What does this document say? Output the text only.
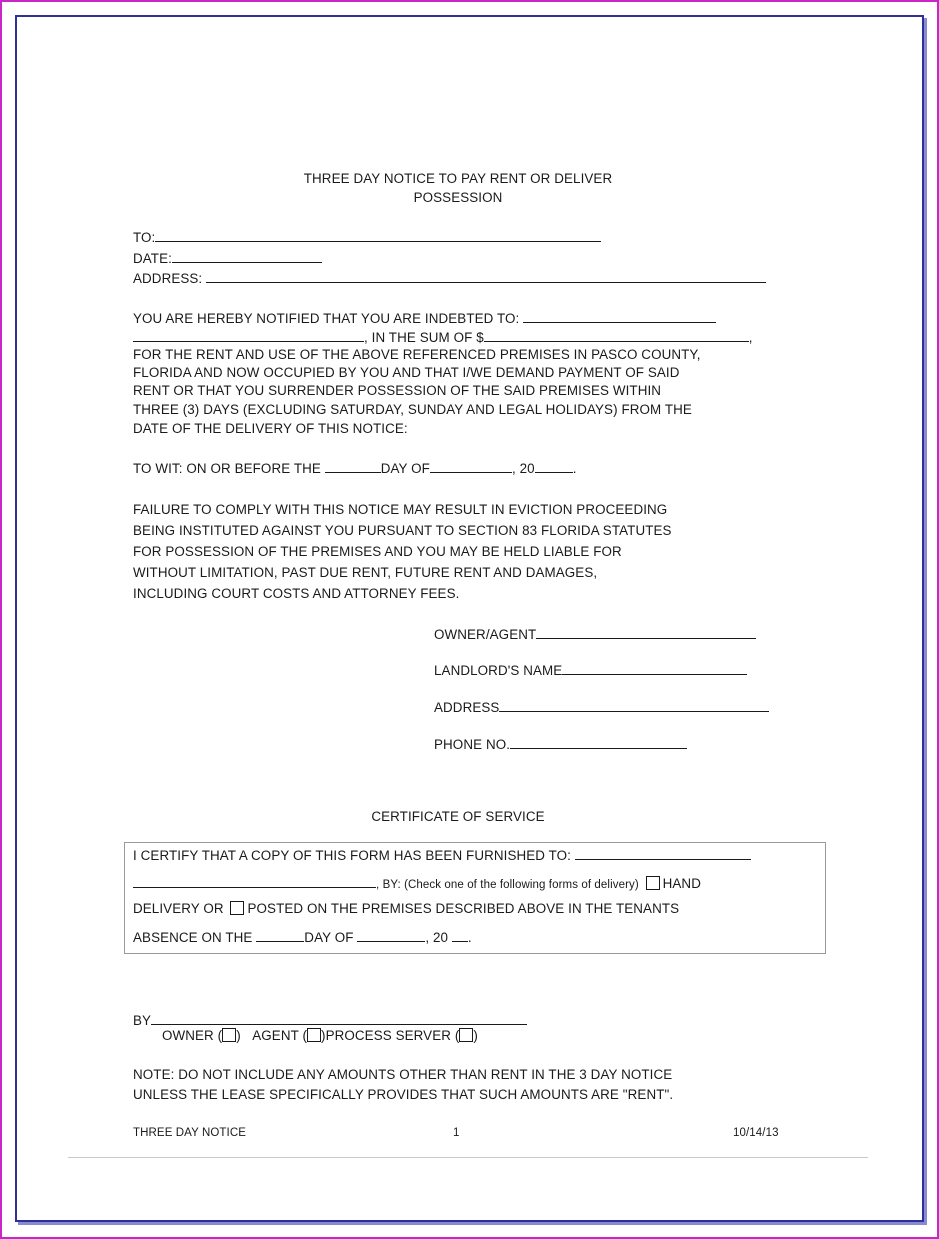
THREE DAY NOTICE TO PAY RENT OR DELIVER
POSSESSION
TO:
DATE:
ADDRESS:
YOU ARE HEREBY NOTIFIED THAT YOU ARE INDEBTED TO:
, IN THE SUM OF $	,
FOR THE RENT AND USE OF THE ABOVE REFERENCED PREMISES IN PASCO COUNTY,
FLORIDA AND NOW OCCUPIED BY YOU AND THAT I/WE DEMAND PAYMENT OF SAID
RENT OR THAT YOU SURRENDER POSSESSION OF THE SAID PREMISES WITHIN
THREE (3) DAYS (EXCLUDING SATURDAY, SUNDAY AND LEGAL HOLIDAYS) FROM THE
DATE OF THE DELIVERY OF THIS NOTICE:
TO WIT: ON OR BEFORE THE	DAY OF	, 20	.
FAILURE TO COMPLY WITH THIS NOTICE MAY RESULT IN EVICTION PROCEEDING
BEING INSTITUTED AGAINST YOU PURSUANT TO SECTION 83 FLORIDA STATUTES
FOR POSSESSION OF THE PREMISES AND YOU MAY BE HELD LIABLE FOR
WITHOUT LIMITATION, PAST DUE RENT, FUTURE RENT AND DAMAGES,
INCLUDING COURT COSTS AND ATTORNEY FEES.
OWNER/AGENT
LANDLORD'S NAME
ADDRESS
PHONE NO.
CERTIFICATE OF SERVICE
I CERTIFY THAT A COPY OF THIS FORM HAS BEEN FURNISHED TO:
, BY: (Check one of the following forms of delivery) HAND
DELIVERY OR POSTED ON THE PREMISES DESCRIBED ABOVE IN THE TENANTS
ABSENCE ON THE	DAY OF	, 20 .
BY
OWNER ( ) AGENT ( )PROCESS SERVER ( )
NOTE: DO NOT INCLUDE ANY AMOUNTS OTHER THAN RENT IN THE 3 DAY NOTICE
UNLESS THE LEASE SPECIFICALLY PROVIDES THAT SUCH AMOUNTS ARE "RENT".
THREE DAY NOTICE	1	10/14/13
